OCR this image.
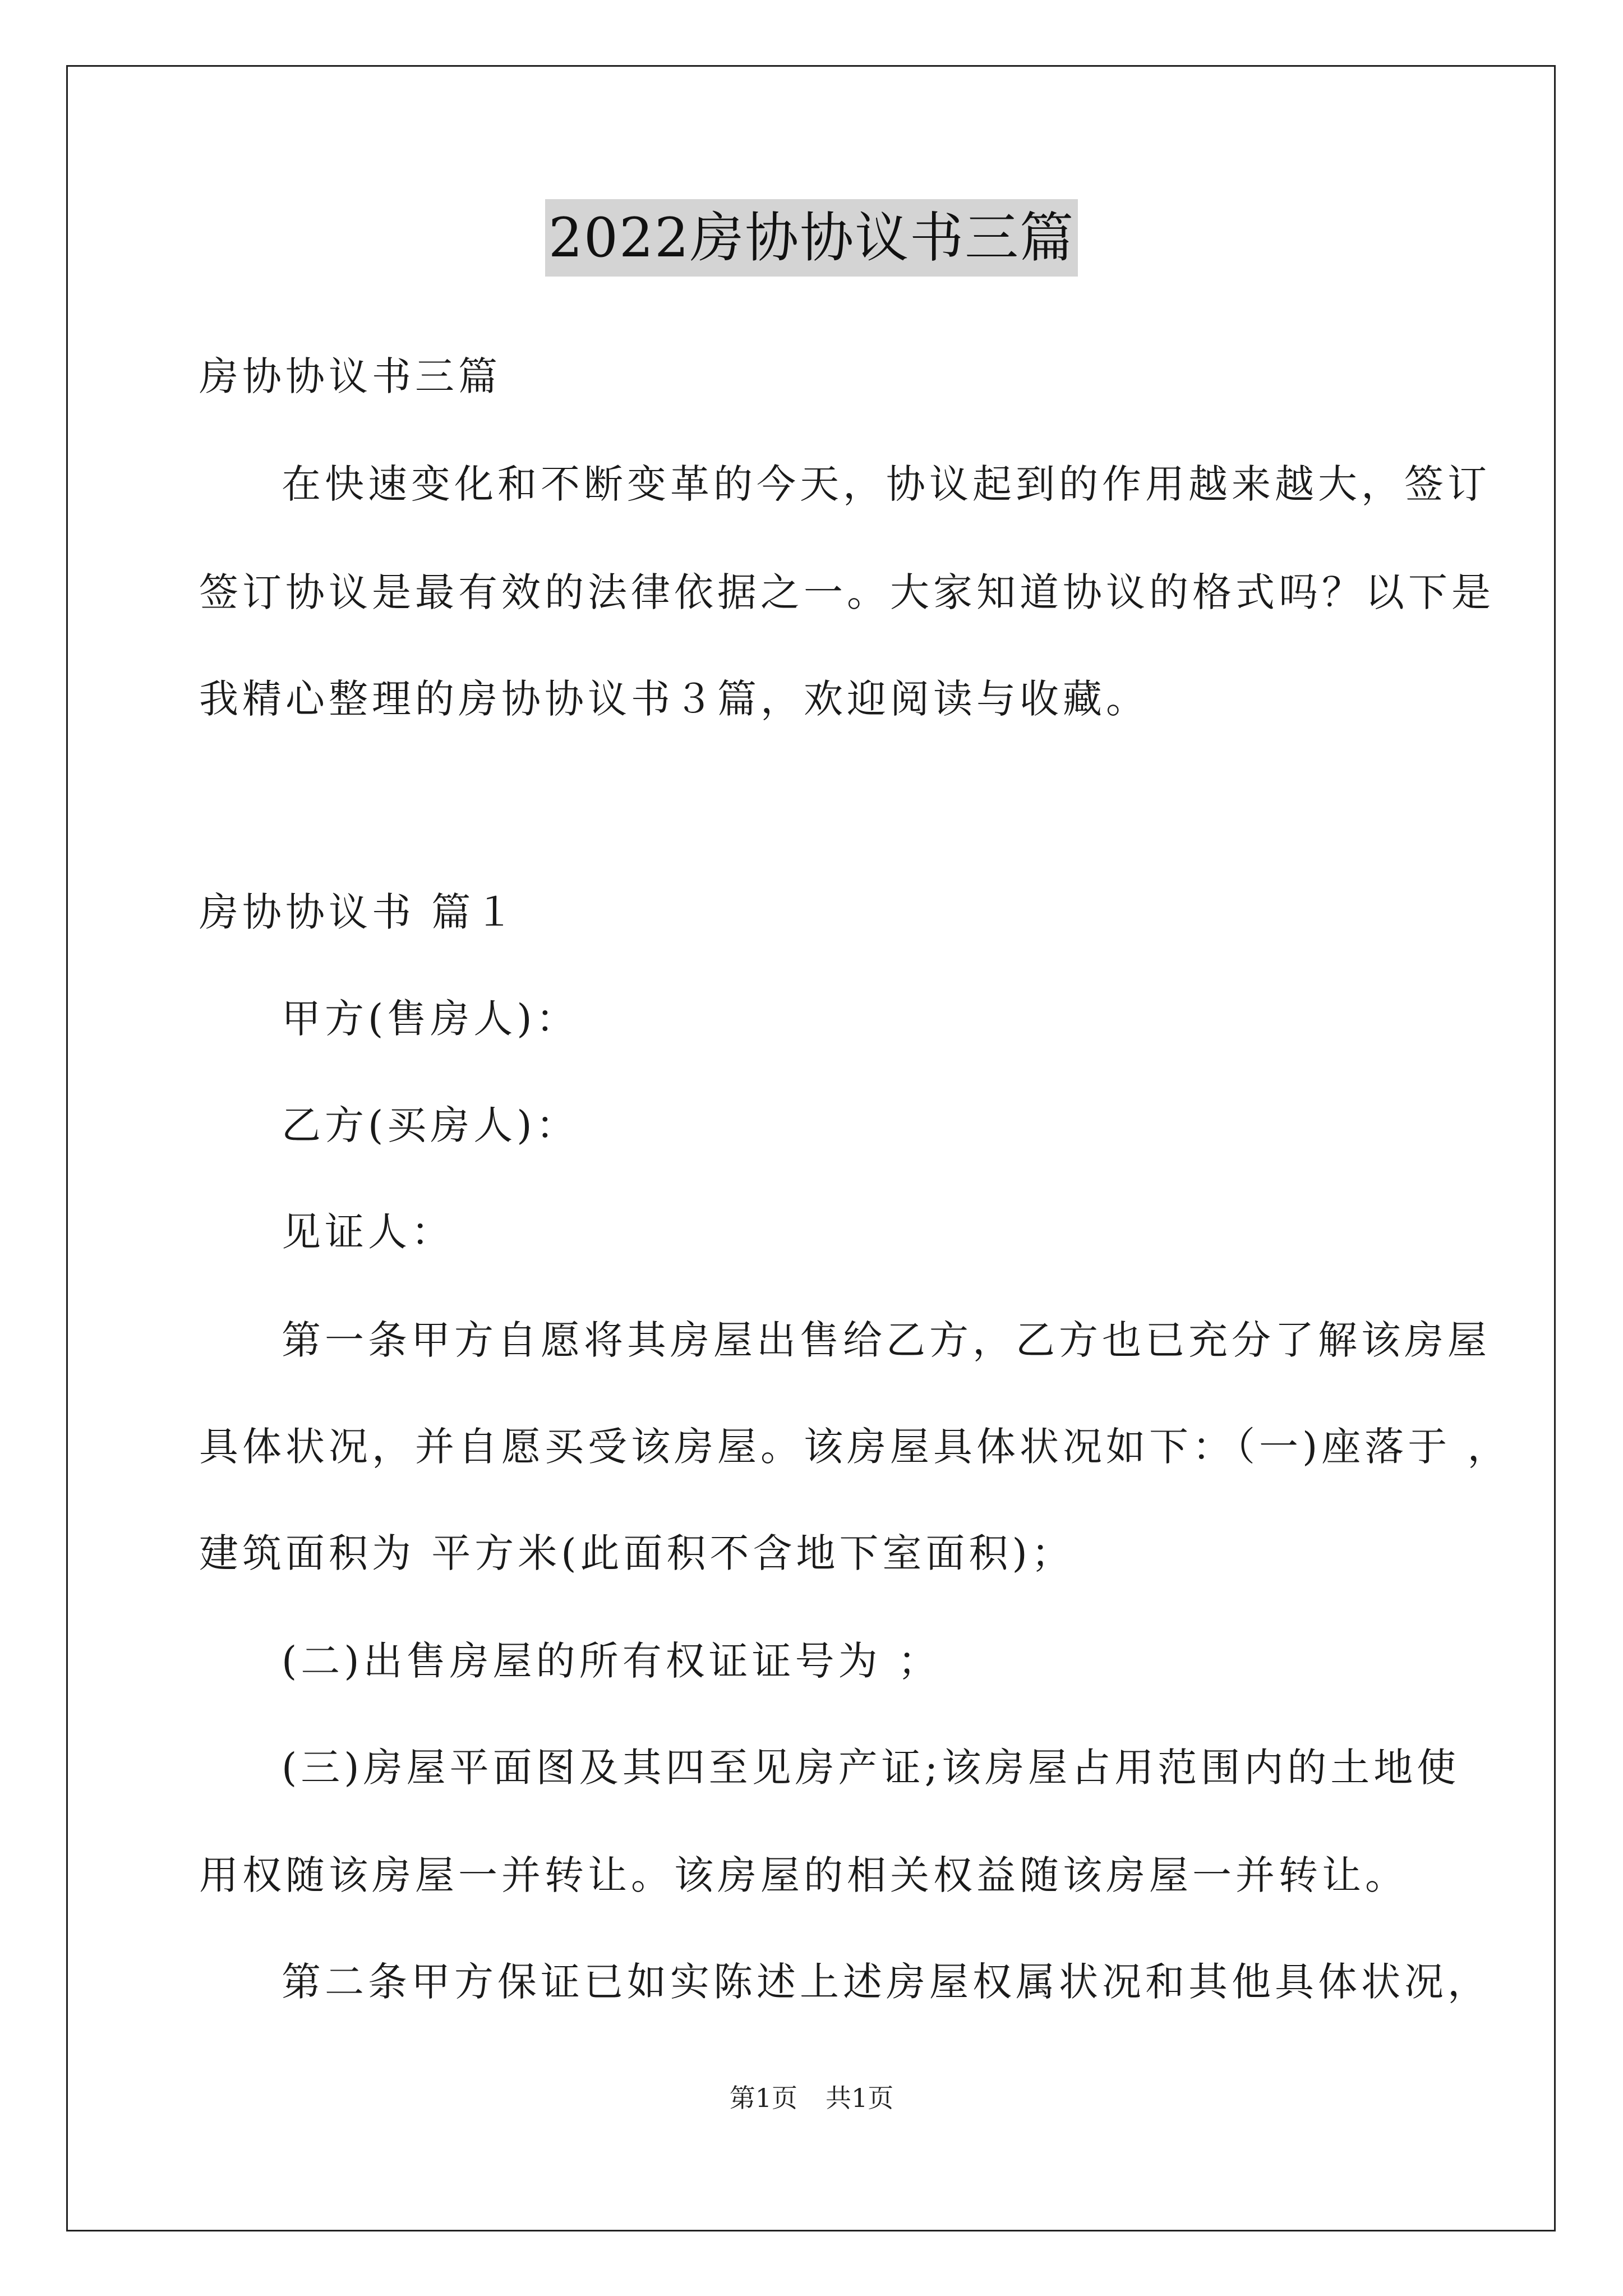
2022房协协议书三篇
房协协议书三篇
在快速变化和不断变革的今天，协议起到的作用越来越大，签订
签订协议是最有效的法律依据之一。大家知道协议的格式吗？以下是
我精心整理的房协协议书３篇，欢迎阅读与收藏。
房协协议书 篇１
甲方(售房人)：
乙方(买房人)：
见证人：
第一条甲方自愿将其房屋出售给乙方，乙方也已充分了解该房屋
具体状况，并自愿买受该房屋。该房屋具体状况如下：（一)座落于 ，
建筑面积为 平方米(此面积不含地下室面积)；
(二)出售房屋的所有权证证号为 ；
(三)房屋平面图及其四至见房产证;该房屋占用范围内的土地使
用权随该房屋一并转让。该房屋的相关权益随该房屋一并转让。
第二条甲方保证已如实陈述上述房屋权属状况和其他具体状况，
第1页 共1页
